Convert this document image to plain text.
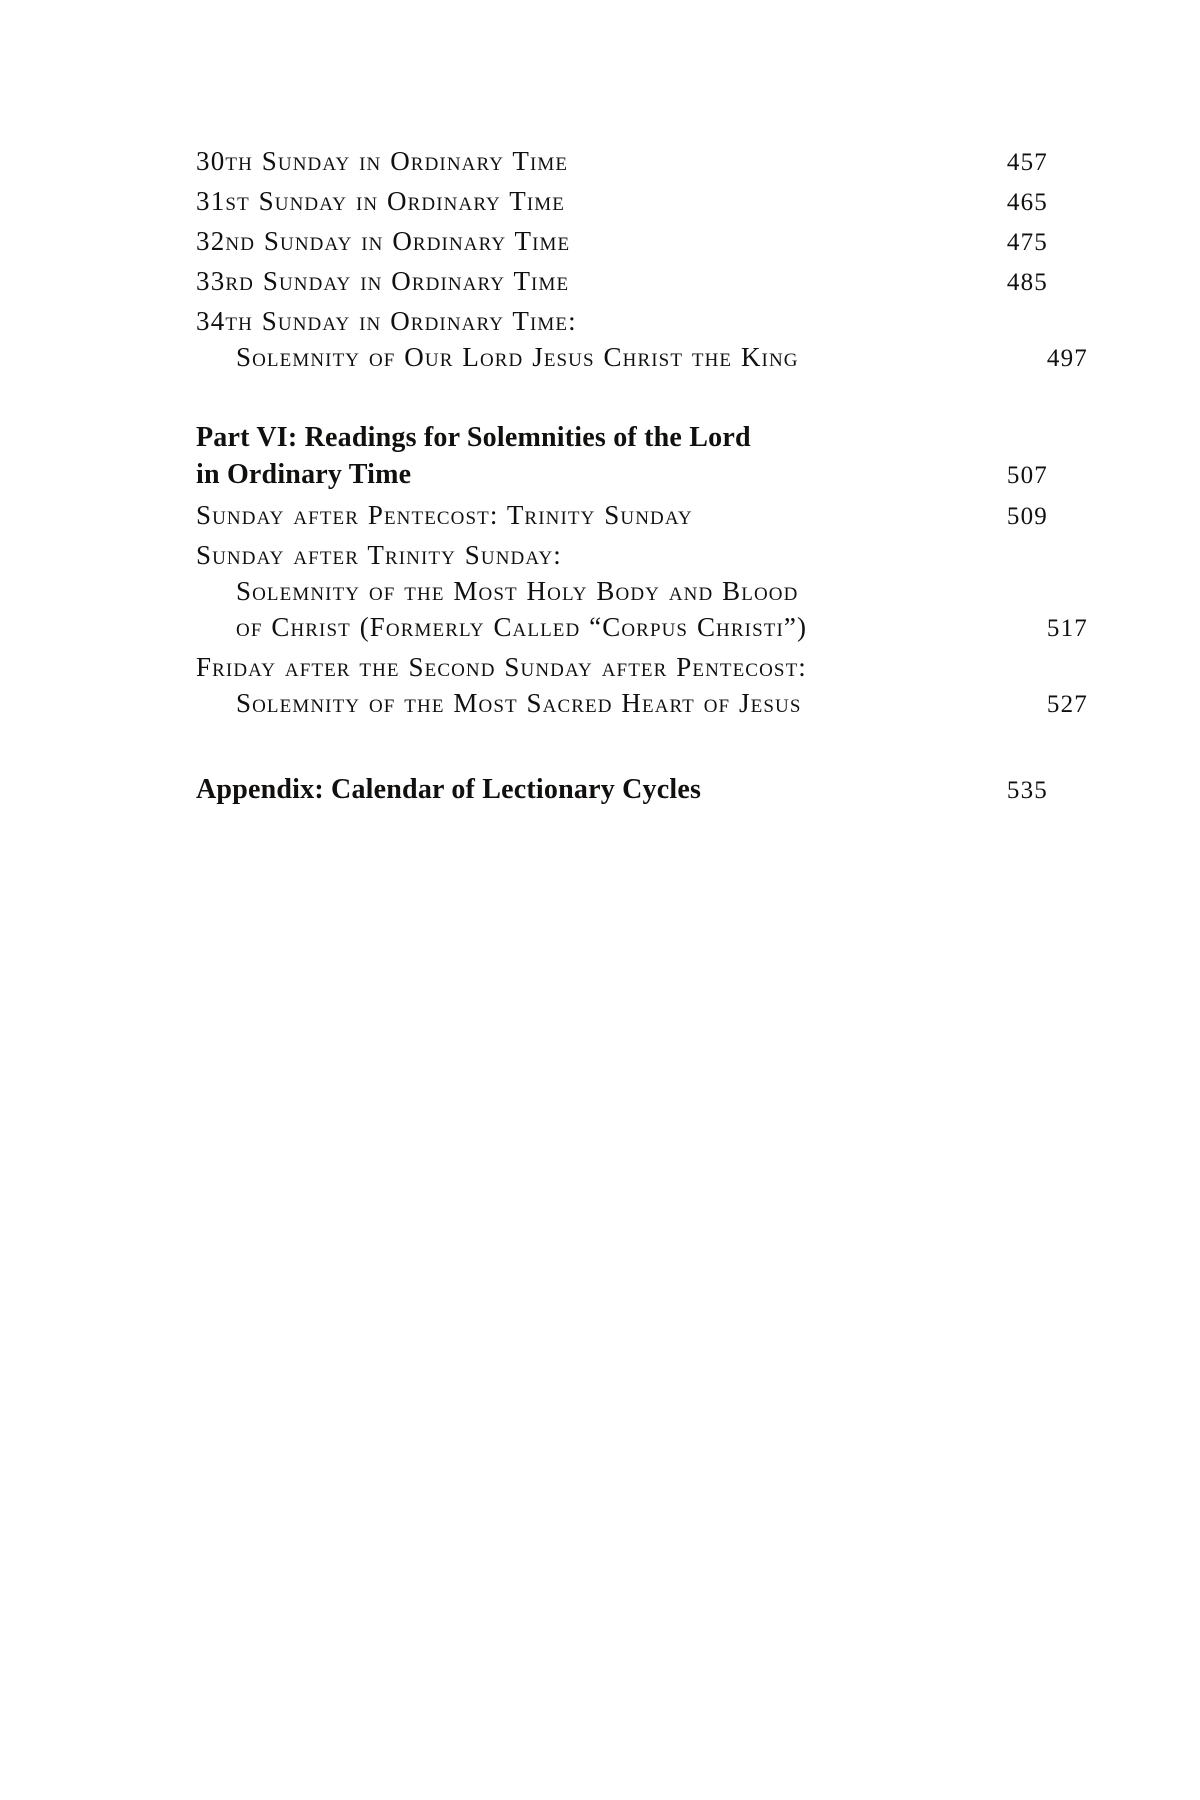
30th Sunday in Ordinary Time	457
31st Sunday in Ordinary Time	465
32nd Sunday in Ordinary Time	475
33rd Sunday in Ordinary Time	485
34th Sunday in Ordinary Time:
Solemnity of Our Lord Jesus Christ the King	497
Part VI: Readings for Solemnities of the Lord
in Ordinary Time	507
Sunday after Pentecost: Trinity Sunday	509
Sunday after Trinity Sunday:
Solemnity of the Most Holy Body and Blood
of Christ (Formerly Called “Corpus Christi”)	517
Friday after the Second Sunday after Pentecost:
Solemnity of the Most Sacred Heart of Jesus	527
Appendix: Calendar of Lectionary Cycles	535
